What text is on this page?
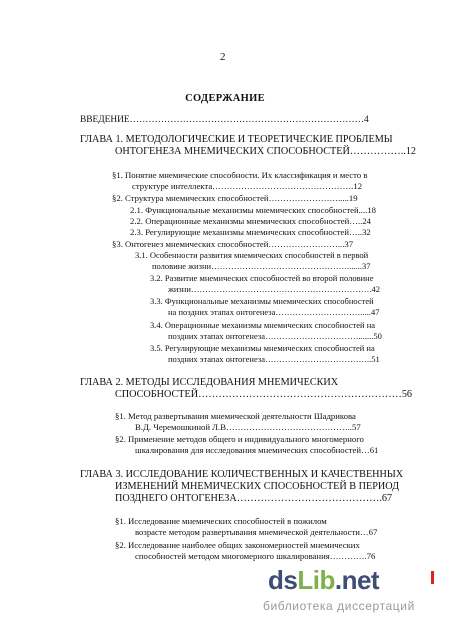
2
СОДЕРЖАНИЕ
ВВЕДЕНИЕ…………………………………………………………………4
ГЛАВА 1. МЕТОДОЛОГИЧЕСКИЕ И ТЕОРЕТИЧЕСКИЕ ПРОБЛЕМЫ
ОНТОГЕНЕЗА МНЕМИЧЕСКИХ СПОСОБНОСТЕЙ……………..12
§1. Понятие мнемические способности. Их классификация и место в
структуре интеллекта………………………………………….12
§2. Структура мнемических способностей…………………….....19
2.1. Функциональные механизмы мнемических способностей....18
2.2. Операционные механизмы мнемических способностей…..24
2.3. Регулирующие механизмы мнемических способностей…..32
§3. Онтогенез мнемических способностей……………………...37
3.1. Особенности развития мнемических способностей в первой
половине жизни………………………………………….......37
3.2. Развитие мнемических способностей во второй половине
жизни……………………………………………………….42
3.3. Функциональные механизмы мнемических способностей
на поздних этапах онтогенеза………………………….....47
3.4. Операционные механизмы мнемических способностей на
поздних этапах онтогенеза…………………………….......50
3.5. Регулирующие механизмы мнемических способностей на
поздних этапах онтогенеза………………………………..51
ГЛАВА 2. МЕТОДЫ ИССЛЕДОВАНИЯ МНЕМИЧЕСКИХ
СПОСОБНОСТЕЙ……………………………………………………56
§1. Метод развертывания мнемической деятельности Шадрикова
В.Д. Черемошкиной Л.В……………………………………..57
§2. Применение методов общего и индивидуального многомерного
шкалирования для исследования мнемических способностей…61
ГЛАВА 3. ИССЛЕДОВАНИЕ КОЛИЧЕСТВЕННЫХ И КАЧЕСТВЕННЫХ
ИЗМЕНЕНИЙ МНЕМИЧЕСКИХ СПОСОБНОСТЕЙ В ПЕРИОД
ПОЗДНЕГО ОНТОГЕНЕЗА…………………………………….67
§1. Исследование мнемических способностей в пожилом
возрасте методом развертывания мнемической деятельности…67
§2. Исследование наиболее общих закономерностей мнемических
способностей методом многомерного шкалирования………….76
dsLib.net
библиотека диссертаций
